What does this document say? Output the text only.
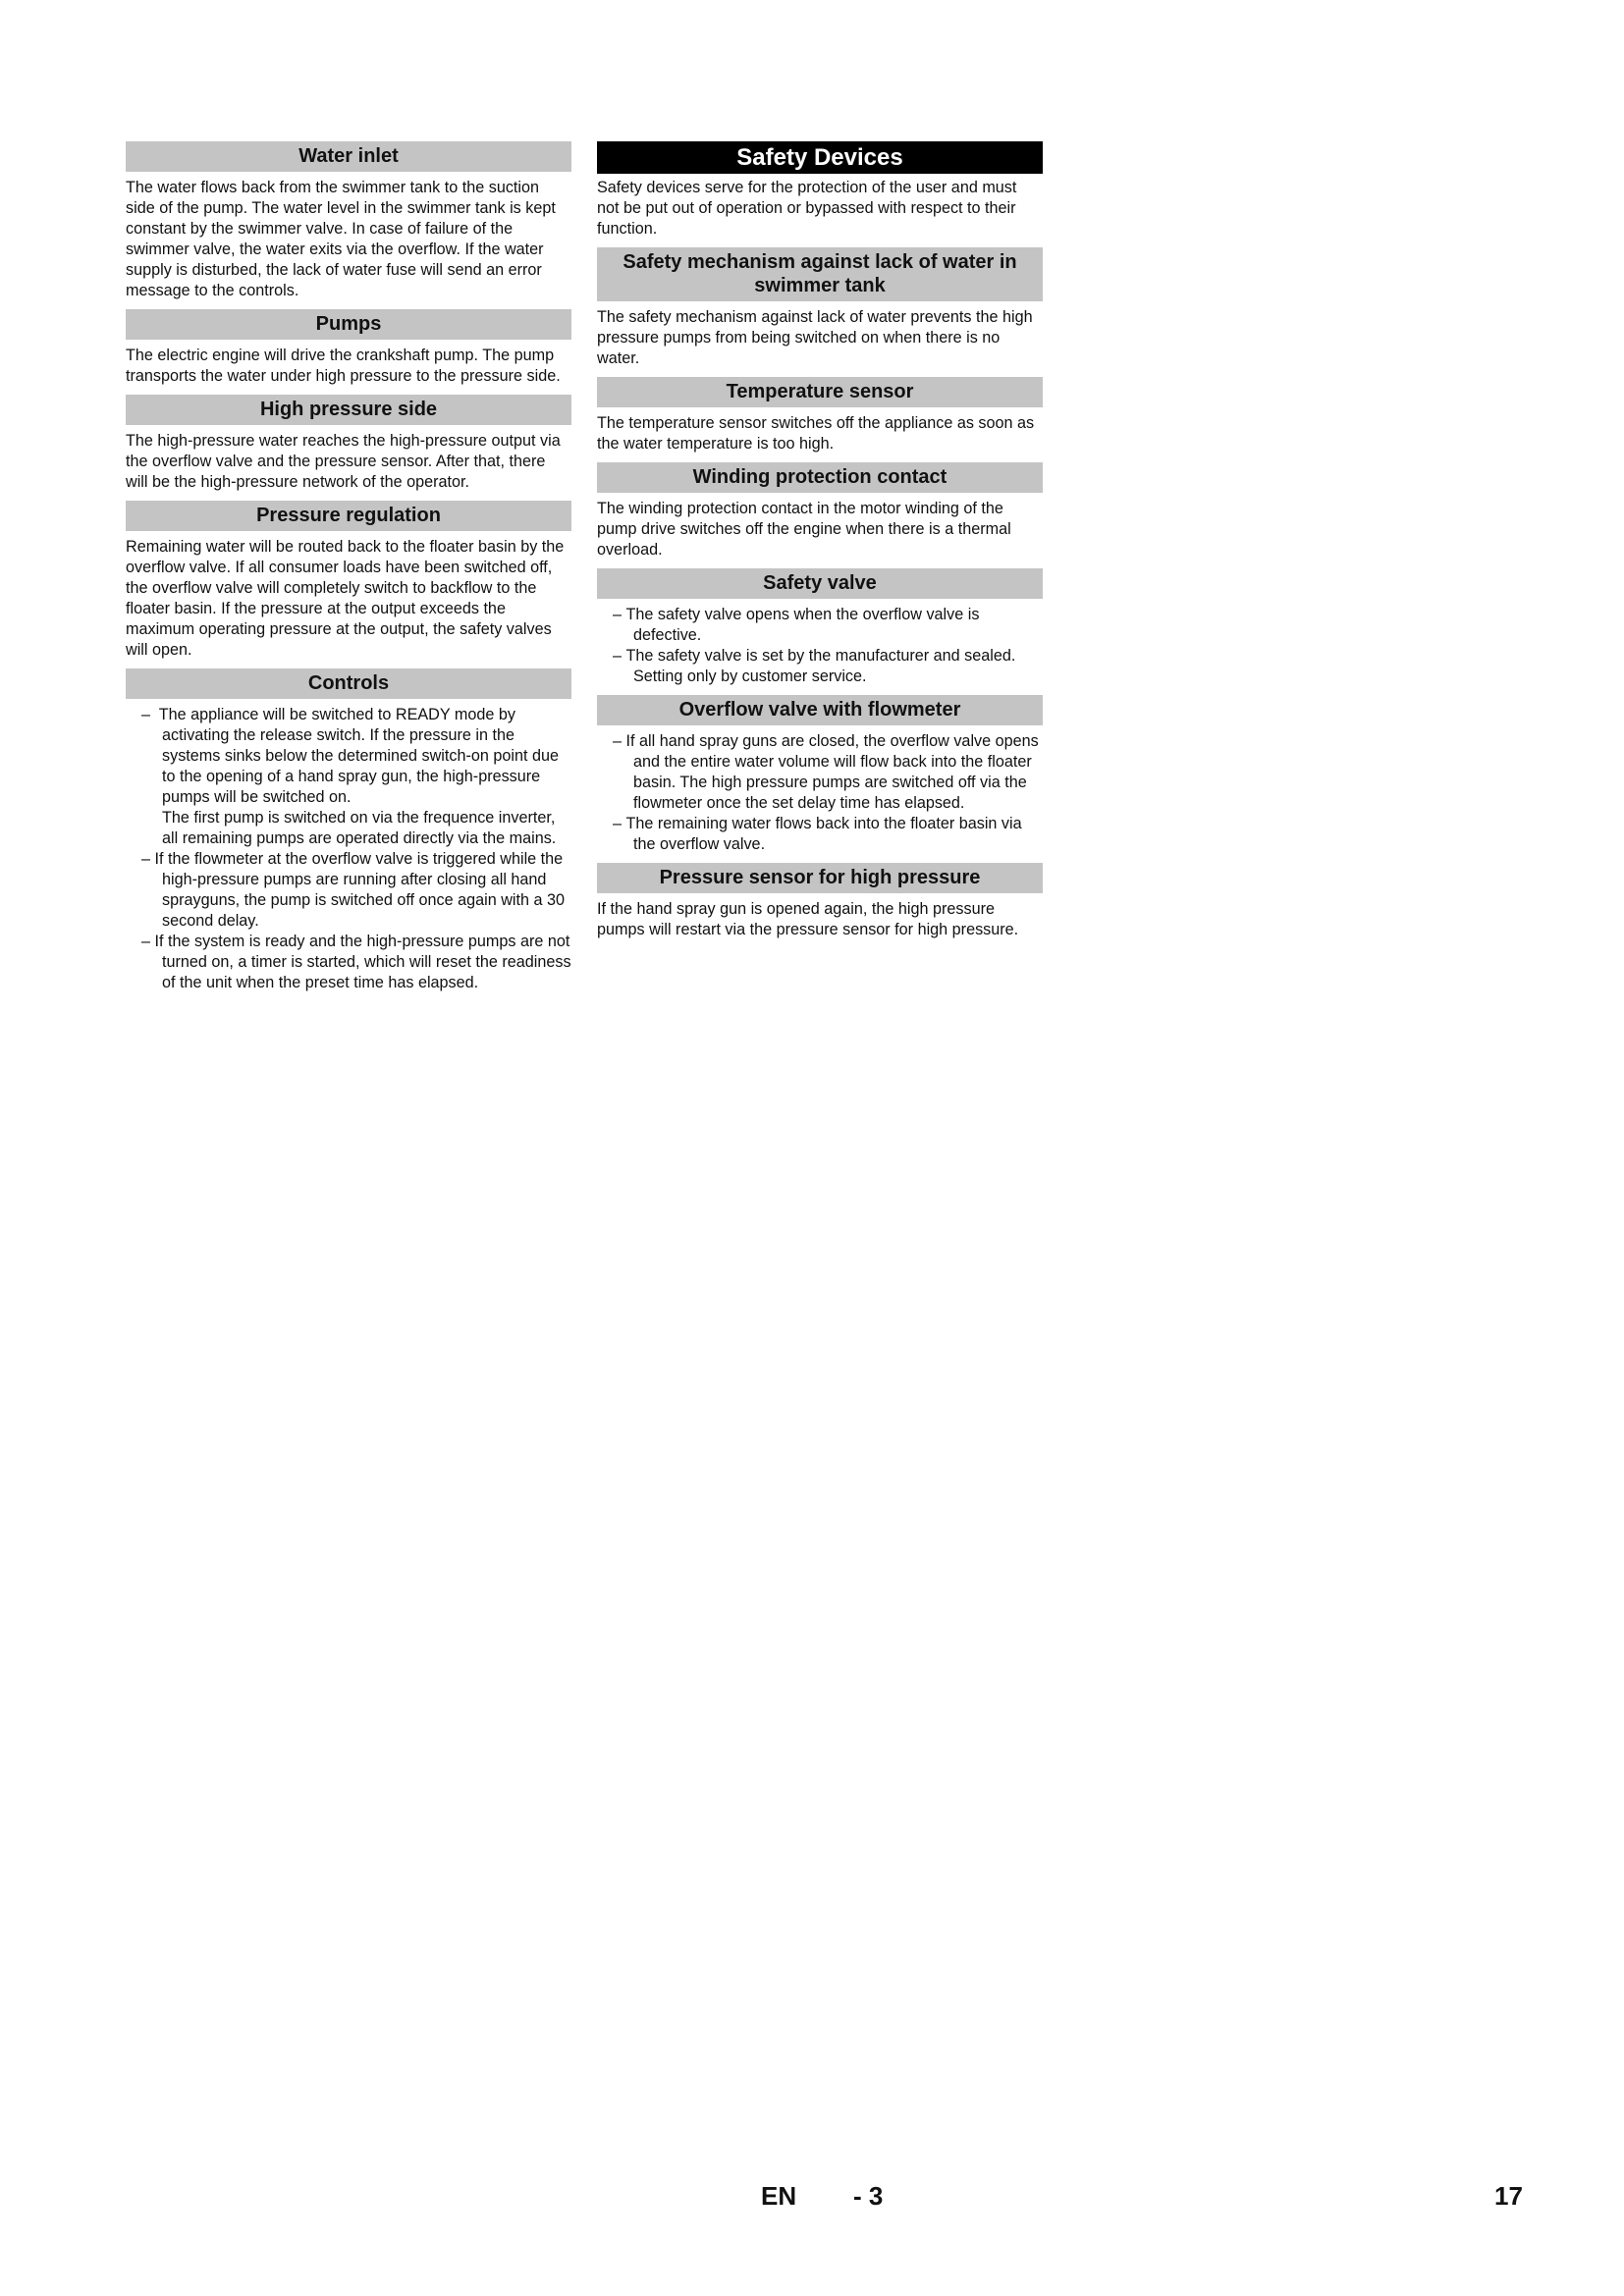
Water inlet

The water flows back from the swimmer tank to the suction side of the pump. The water level in the swimmer tank is kept constant by the swimmer valve. In case of failure of the swimmer valve, the water exits via the overflow. If the water supply is disturbed, the lack of water fuse will send an error message to the controls.

Pumps

The electric engine will drive the crankshaft pump. The pump transports the water under high pressure to the pressure side.

High pressure side

The high-pressure water reaches the high-pressure output via the overflow valve and the pressure sensor. After that, there will be the high-pressure network of the operator.

Pressure regulation

Remaining water will be routed back to the floater basin by the overflow valve. If all consumer loads have been switched off, the overflow valve will completely switch to backflow to the floater basin. If the pressure at the output exceeds the maximum operating pressure at the output, the safety valves will open.

Controls
– The appliance will be switched to READY mode by activating the release switch. If the pressure in the systems sinks below the determined switch-on point due to the opening of a hand spray gun, the high-pressure pumps will be switched on.
The first pump is switched on via the frequence inverter, all remaining pumps are operated directly via the mains.
– If the flowmeter at the overflow valve is triggered while the high-pressure pumps are running after closing all hand sprayguns, the pump is switched off once again with a 30 second delay.
– If the system is ready and the high-pressure pumps are not turned on, a timer is started, which will reset the readiness of the unit when the preset time has elapsed.
Safety Devices

Safety devices serve for the protection of the user and must not be put out of operation or bypassed with respect to their function.

Safety mechanism against lack of water in swimmer tank

The safety mechanism against lack of water prevents the high pressure pumps from being switched on when there is no water.

Temperature sensor

The temperature sensor switches off the appliance as soon as the water temperature is too high.

Winding protection contact

The winding protection contact in the motor winding of the pump drive switches off the engine when there is a thermal overload.

Safety valve
– The safety valve opens when the overflow valve is defective.
– The safety valve is set by the manufacturer and sealed. Setting only by customer service.
Overflow valve with flowmeter
– If all hand spray guns are closed, the overflow valve opens and the entire water volume will flow back into the floater basin. The high pressure pumps are switched off via the flowmeter once the set delay time has elapsed.
– The remaining water flows back into the floater basin via the overflow valve.
Pressure sensor for high pressure

If the hand spray gun is opened again, the high pressure pumps will restart via the pressure sensor for high pressure.

EN - 3	17
